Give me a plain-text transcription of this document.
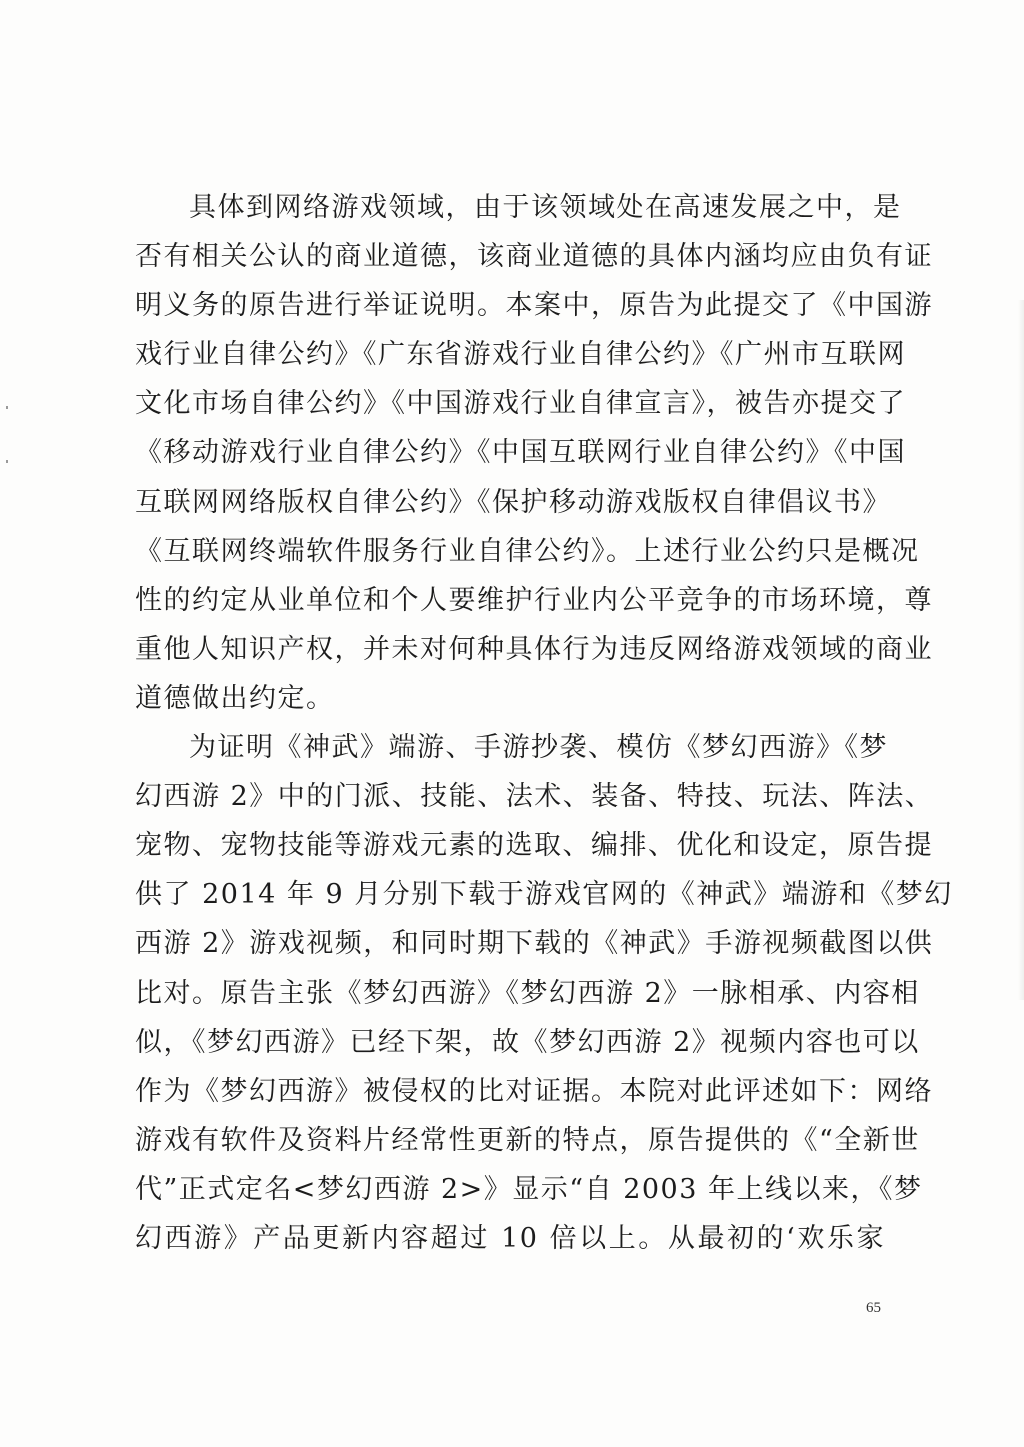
具体到网络游戏领域，由于该领域处在高速发展之中，是
否有相关公认的商业道德，该商业道德的具体内涵均应由负有证
明义务的原告进行举证说明。本案中，原告为此提交了《中国游
戏行业自律公约》《广东省游戏行业自律公约》《广州市互联网
文化市场自律公约》《中国游戏行业自律宣言》，被告亦提交了
《移动游戏行业自律公约》《中国互联网行业自律公约》《中国
互联网网络版权自律公约》《保护移动游戏版权自律倡议书》
《互联网终端软件服务行业自律公约》。上述行业公约只是概况
性的约定从业单位和个人要维护行业内公平竞争的市场环境，尊
重他人知识产权，并未对何种具体行为违反网络游戏领域的商业
道德做出约定。
为证明《神武》端游、手游抄袭、模仿《梦幻西游》《梦
幻西游 2》中的门派、技能、法术、装备、特技、玩法、阵法、
宠物、宠物技能等游戏元素的选取、编排、优化和设定，原告提
供了 2014 年 9 月分别下载于游戏官网的《神武》端游和《梦幻
西游 2》游戏视频，和同时期下载的《神武》手游视频截图以供
比对。原告主张《梦幻西游》《梦幻西游 2》一脉相承、内容相
似，《梦幻西游》已经下架，故《梦幻西游 2》视频内容也可以
作为《梦幻西游》被侵权的比对证据。本院对此评述如下：网络
游戏有软件及资料片经常性更新的特点，原告提供的《“全新世
代”正式定名<梦幻西游 2>》显示“自 2003 年上线以来，《梦
幻西游》产品更新内容超过 10 倍以上。从最初的‘欢乐家
65
